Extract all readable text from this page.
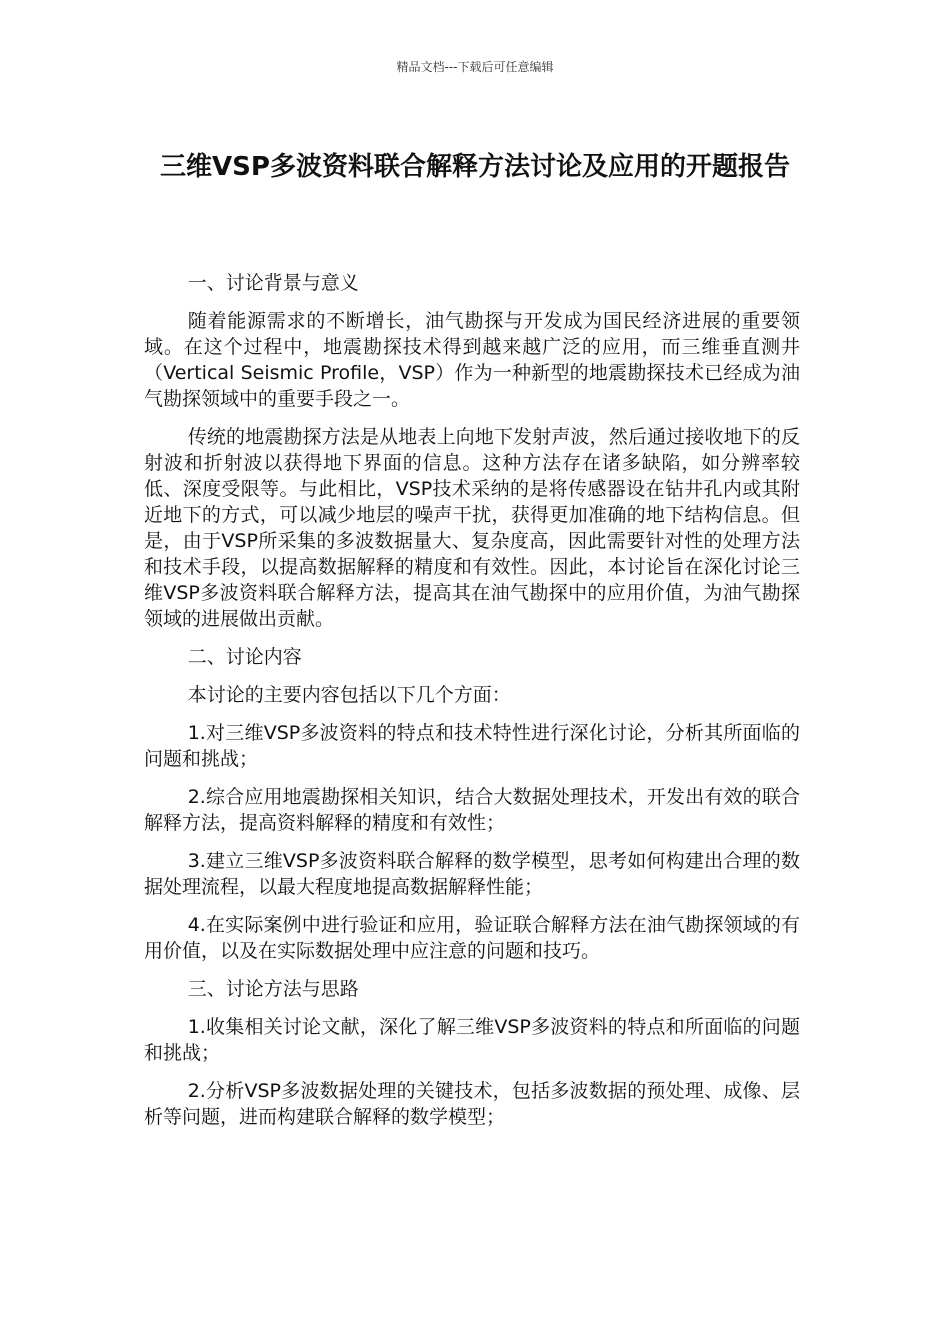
精品文档---下载后可任意编辑
三维VSP多波资料联合解释方法讨论及应用的开题报告

一、讨论背景与意义

随着能源需求的不断增长，油气勘探与开发成为国民经济进展的重要领域。在这个过程中，地震勘探技术得到越来越广泛的应用，而三维垂直测井（Vertical Seismic Profile，VSP）作为一种新型的地震勘探技术已经成为油气勘探领域中的重要手段之一。

传统的地震勘探方法是从地表上向地下发射声波，然后通过接收地下的反射波和折射波以获得地下界面的信息。这种方法存在诸多缺陷，如分辨率较低、深度受限等。与此相比，VSP技术采纳的是将传感器设在钻井孔内或其附近地下的方式，可以减少地层的噪声干扰，获得更加准确的地下结构信息。但是，由于VSP所采集的多波数据量大、复杂度高，因此需要针对性的处理方法和技术手段，以提高数据解释的精度和有效性。因此，本讨论旨在深化讨论三维VSP多波资料联合解释方法，提高其在油气勘探中的应用价值，为油气勘探领域的进展做出贡献。

二、讨论内容

本讨论的主要内容包括以下几个方面：

1.对三维VSP多波资料的特点和技术特性进行深化讨论，分析其所面临的问题和挑战；

2.综合应用地震勘探相关知识，结合大数据处理技术，开发出有效的联合解释方法，提高资料解释的精度和有效性；

3.建立三维VSP多波资料联合解释的数学模型，思考如何构建出合理的数据处理流程，以最大程度地提高数据解释性能；

4.在实际案例中进行验证和应用，验证联合解释方法在油气勘探领域的有用价值，以及在实际数据处理中应注意的问题和技巧。

三、讨论方法与思路

1.收集相关讨论文献，深化了解三维VSP多波资料的特点和所面临的问题和挑战；

2.分析VSP多波数据处理的关键技术，包括多波数据的预处理、成像、层析等问题，进而构建联合解释的数学模型；
